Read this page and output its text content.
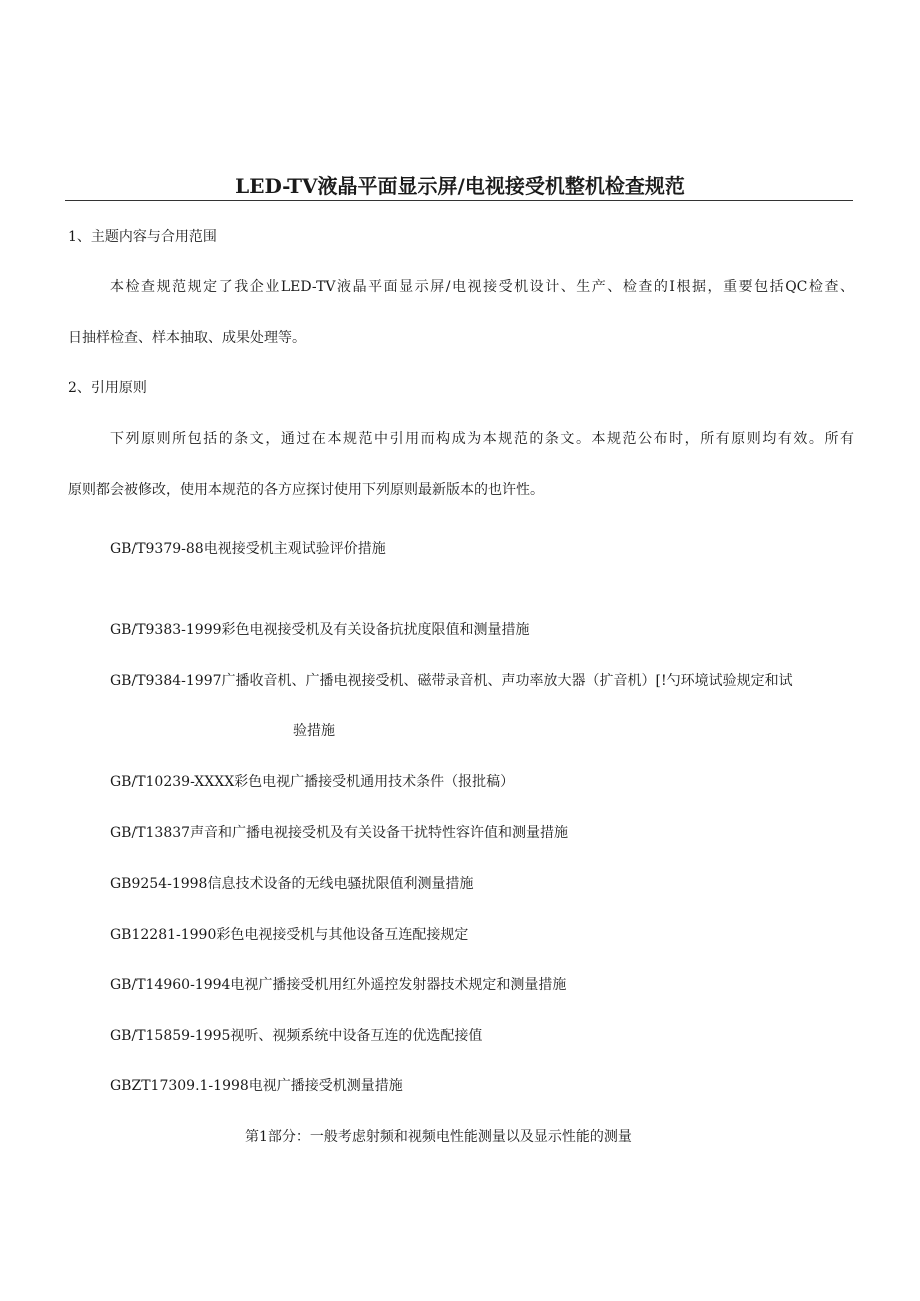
LED-TV液晶平面显示屏/电视接受机整机检查规范
1、主题内容与合用范围
本检查规范规定了我企业LED-TV液晶平面显示屏/电视接受机设计、生产、检查的I根据，重要包括QC检查、
日抽样检查、样本抽取、成果处理等。
2、引用原则
下列原则所包括的条文，通过在本规范中引用而构成为本规范的条文。本规范公布时，所有原则均有效。所有
原则都会被修改，使用本规范的各方应探讨使用下列原则最新版本的也许性。
GB/T9379-88电视接受机主观试验评价措施
GB/T9383-1999彩色电视接受机及有关设备抗扰度限值和测量措施
GB/T9384-1997广播收音机、广播电视接受机、磁带录音机、声功率放大器（扩音机）[!勺环境试验规定和试
验措施
GB/T10239-XXXX彩色电视广播接受机通用技术条件（报批稿）
GB/T13837声音和广播电视接受机及有关设备干扰特性容许值和测量措施
GB9254-1998信息技术设备的无线电骚扰限值利测量措施
GB12281-1990彩色电视接受机与其他设备互连配接规定
GB/T14960-1994电视广播接受机用红外遥控发射器技术规定和测量措施
GB/T15859-1995视听、视频系统中设备互连的优选配接值
GBZT17309.1-1998电视广播接受机测量措施
第1部分：一般考虑射频和视频电性能测量以及显示性能的测量
